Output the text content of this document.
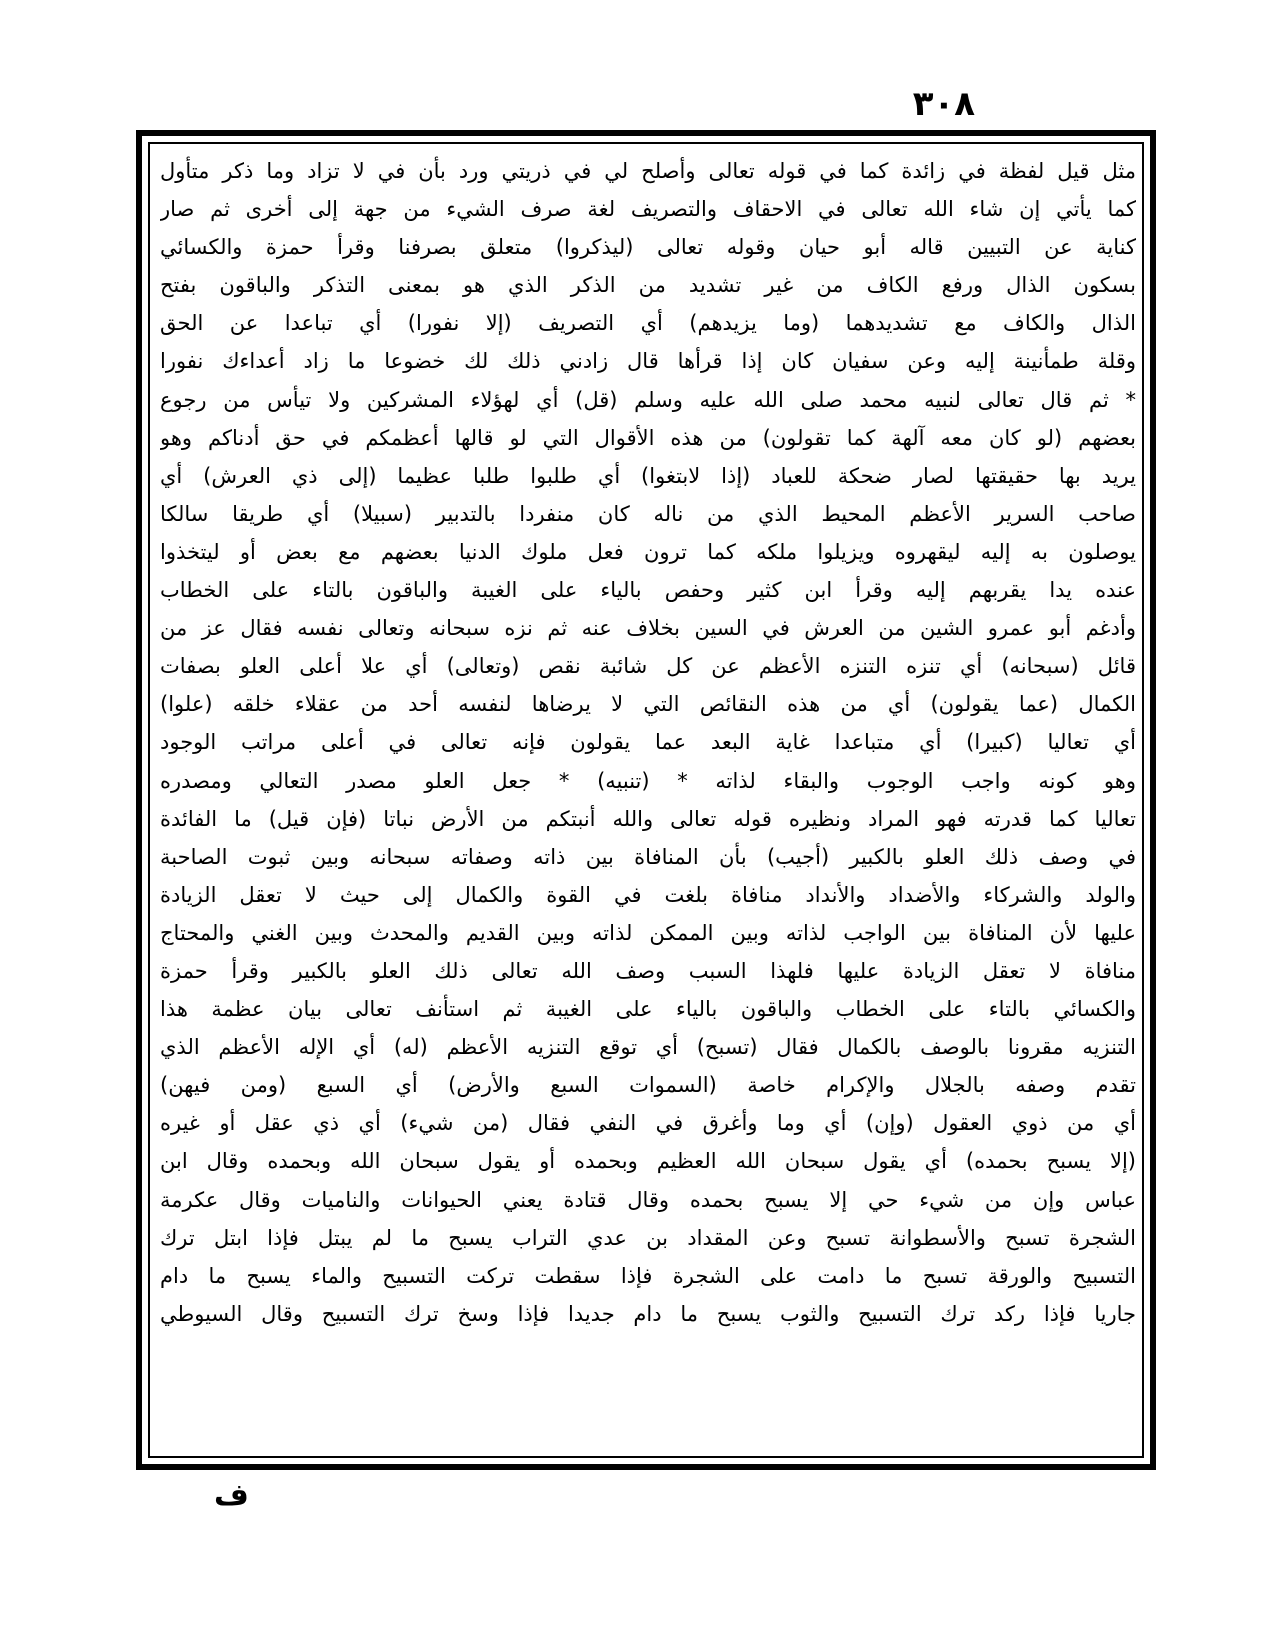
٣٠٨
مثل قيل لفظة في زائدة كما في قوله تعالى وأصلح لي في ذريتي ورد بأن في لا تزاد وما ذكر متأول
كما يأتي إن شاء الله تعالى في الاحقاف والتصريف لغة صرف الشيء من جهة إلى أخرى ثم صار
كناية عن التبيين قاله أبو حيان وقوله تعالى (ليذكروا) متعلق بصرفنا وقرأ حمزة والكسائي
بسكون الذال ورفع الكاف من غير تشديد من الذكر الذي هو بمعنى التذكر والباقون بفتح
الذال والكاف مع تشديدهما (وما يزيدهم) أي التصريف (إلا نفورا) أي تباعدا عن الحق
وقلة طمأنينة إليه وعن سفيان كان إذا قرأها قال زادني ذلك لك خضوعا ما زاد أعداءك نفورا
* ثم قال تعالى لنبيه محمد صلى الله عليه وسلم (قل) أي لهؤلاء المشركين ولا تيأس من رجوع
بعضهم (لو كان معه آلهة كما تقولون) من هذه الأقوال التي لو قالها أعظمكم في حق أدناكم وهو
يريد بها حقيقتها لصار ضحكة للعباد (إذا لابتغوا) أي طلبوا طلبا عظيما (إلى ذي العرش) أي
صاحب السرير الأعظم المحيط الذي من ناله كان منفردا بالتدبير (سبيلا) أي طريقا سالكا
يوصلون به إليه ليقهروه ويزيلوا ملكه كما ترون فعل ملوك الدنيا بعضهم مع بعض أو ليتخذوا
عنده يدا يقربهم إليه وقرأ ابن كثير وحفص بالياء على الغيبة والباقون بالتاء على الخطاب
وأدغم أبو عمرو الشين من العرش في السين بخلاف عنه ثم نزه سبحانه وتعالى نفسه فقال عز من
قائل (سبحانه) أي تنزه التنزه الأعظم عن كل شائبة نقص (وتعالى) أي علا أعلى العلو بصفات
الكمال (عما يقولون) أي من هذه النقائص التي لا يرضاها لنفسه أحد من عقلاء خلقه (علوا)
أي تعاليا (كبيرا) أي متباعدا غاية البعد عما يقولون فإنه تعالى في أعلى مراتب الوجود
وهو كونه واجب الوجوب والبقاء لذاته * (تنبيه) * جعل العلو مصدر التعالي ومصدره
تعاليا كما قدرته فهو المراد ونظيره قوله تعالى والله أنبتكم من الأرض نباتا (فإن قيل) ما الفائدة
في وصف ذلك العلو بالكبير (أجيب) بأن المنافاة بين ذاته وصفاته سبحانه وبين ثبوت الصاحبة
والولد والشركاء والأضداد والأنداد منافاة بلغت في القوة والكمال إلى حيث لا تعقل الزيادة
عليها لأن المنافاة بين الواجب لذاته وبين الممكن لذاته وبين القديم والمحدث وبين الغني والمحتاج
منافاة لا تعقل الزيادة عليها فلهذا السبب وصف الله تعالى ذلك العلو بالكبير وقرأ حمزة
والكسائي بالتاء على الخطاب والباقون بالياء على الغيبة ثم استأنف تعالى بيان عظمة هذا
التنزيه مقرونا بالوصف بالكمال فقال (تسبح) أي توقع التنزيه الأعظم (له) أي الإله الأعظم الذي
تقدم وصفه بالجلال والإكرام خاصة (السموات السبع والأرض) أي السبع (ومن فيهن)
أي من ذوي العقول (وإن) أي وما وأغرق في النفي فقال (من شيء) أي ذي عقل أو غيره
(إلا يسبح بحمده) أي يقول سبحان الله العظيم وبحمده أو يقول سبحان الله وبحمده وقال ابن
عباس وإن من شيء حي إلا يسبح بحمده وقال قتادة يعني الحيوانات والناميات وقال عكرمة
الشجرة تسبح والأسطوانة تسبح وعن المقداد بن عدي التراب يسبح ما لم يبتل فإذا ابتل ترك
التسبيح والورقة تسبح ما دامت على الشجرة فإذا سقطت تركت التسبيح والماء يسبح ما دام
جاريا فإذا ركد ترك التسبيح والثوب يسبح ما دام جديدا فإذا وسخ ترك التسبيح وقال السيوطي
ف
